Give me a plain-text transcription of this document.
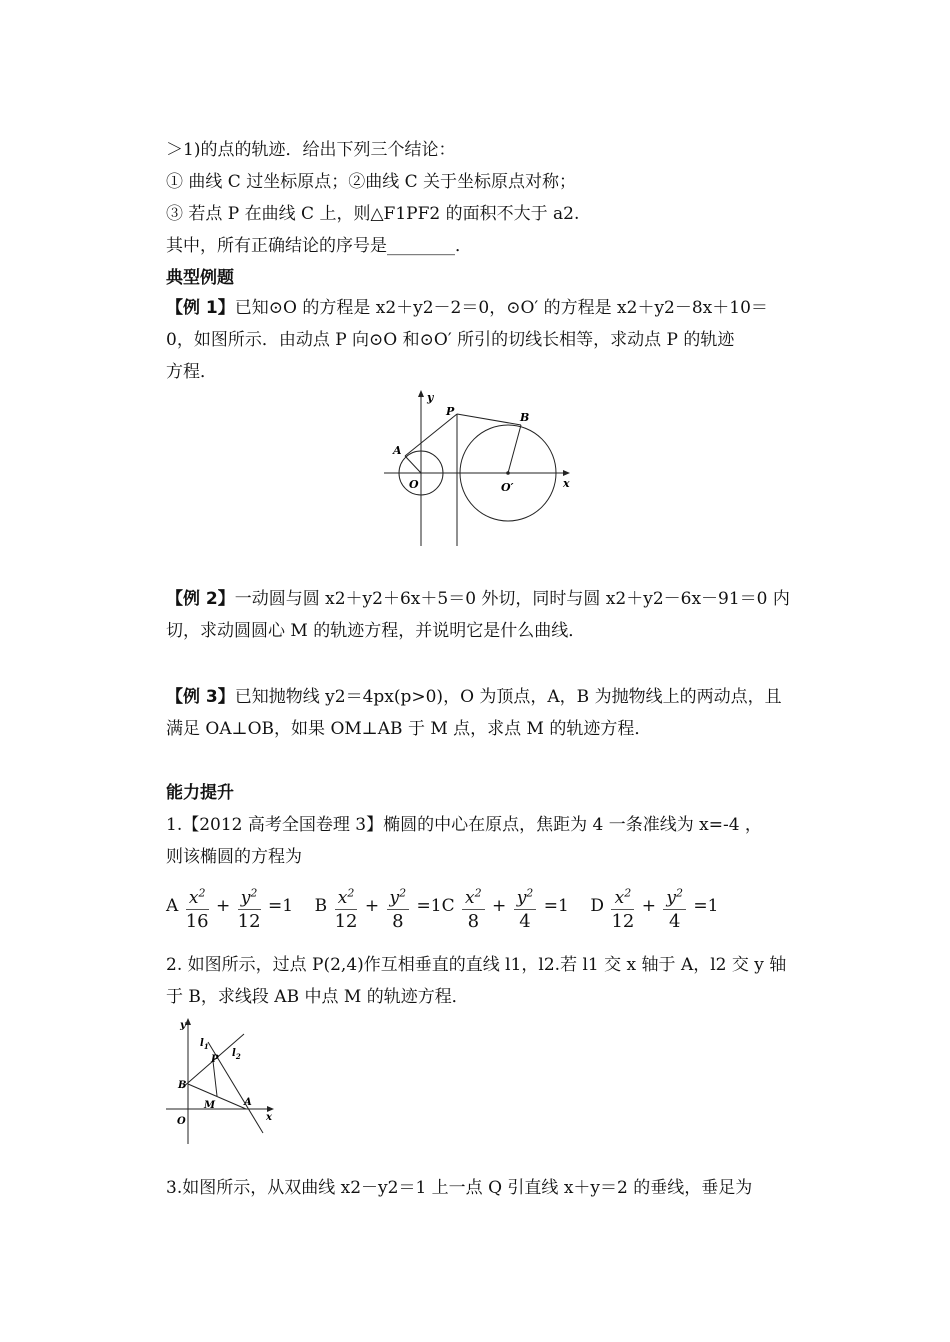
＞1)的点的轨迹．给出下列三个结论：
① 曲线 C 过坐标原点；②曲线 C 关于坐标原点对称；
③ 若点 P 在曲线 C 上，则△F1PF2 的面积不大于 a2.
其中，所有正确结论的序号是________．
典型例题
【例 1】已知⊙O 的方程是 x2＋y2－2＝0，⊙O′ 的方程是 x2＋y2－8x＋10＝
0，如图所示．由动点 P 向⊙O 和⊙O′ 所引的切线长相等，求动点 P 的轨迹
方程．
y
P	B
A
O	O′	x
【例 2】一动圆与圆 x2＋y2＋6x＋5＝0 外切，同时与圆 x2＋y2－6x－91＝0 内
切，求动圆圆心 M 的轨迹方程，并说明它是什么曲线．
【例 3】已知抛物线 y2＝4px(p>0)，O 为顶点，A，B 为抛物线上的两动点，且
满足 OA⊥OB，如果 OM⊥AB 于 M 点，求点 M 的轨迹方程．
能力提升
1.【2012 高考全国卷理 3】椭圆的中心在原点，焦距为 4 一条准线为 x=-4 ，
则该椭圆的方程为
A $\frac{x^2}{16} + \frac{y^2}{12} =1$ B $\frac{x^2}{12} + \frac{y^2}{8} =1C \frac{x^2}{8} + \frac{y^2}{4} =1$ D $\frac{x^2}{12} + \frac{y^2}{4} =1$
2. 如图所示，过点 P(2,4)作互相垂直的直线 l1，l2.若 l1 交 x 轴于 A，l2 交 y 轴
于 B，求线段 AB 中点 M 的轨迹方程．
y
$l_1$
$l_2$
P
B
M	A
O	x
3.如图所示，从双曲线 x2－y2＝1 上一点 Q 引直线 x＋y＝2 的垂线，垂足为
